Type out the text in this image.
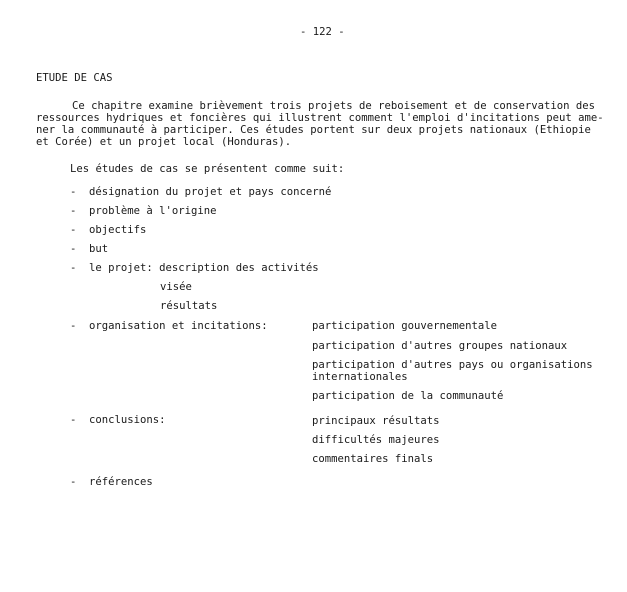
- 122 -
ETUDE DE CAS
Ce chapitre examine brièvement trois projets de reboisement et de conservation des
ressources hydriques et foncières qui illustrent comment l'emploi d'incitations peut ame-
ner la communauté à participer. Ces études portent sur deux projets nationaux (Ethiopie
et Corée) et un projet local (Honduras).
Les études de cas se présentent comme suit:
- désignation du projet et pays concerné
- problème à l'origine
- objectifs
- but
- le projet: description des activités
visée
résultats
- organisation et incitations:	participation gouvernementale
participation d'autres groupes nationaux
participation d'autres pays ou organisations
internationales
participation de la communauté
- conclusions:	principaux résultats
difficultés majeures
commentaires finals
- références
